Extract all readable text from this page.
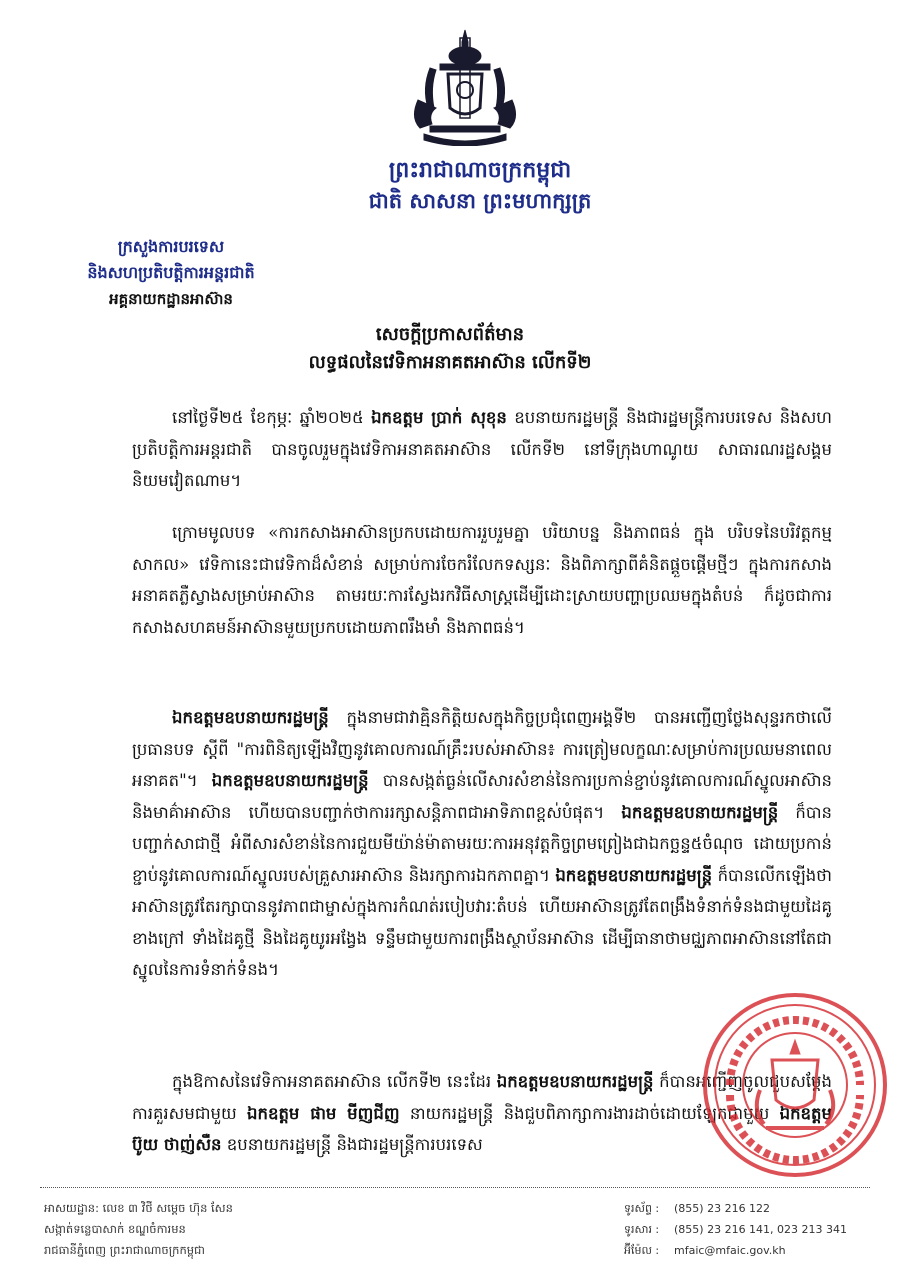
ព្រះរាជាណាចក្រកម្ពុជា
ជាតិ សាសនា ព្រះមហាក្សត្រ
ក្រសួងការបរទេស
និងសហប្រតិបត្តិការអន្តរជាតិ
អគ្គនាយកដ្ឋានអាស៊ាន
សេចក្ដីប្រកាសព័ត៌មាន
លទ្ធផលនៃវេទិកាអនាគតអាស៊ាន លើកទី២
នៅថ្ងៃទី២៥ ខែកុម្ភៈ ឆ្នាំ២០២៥ ឯកឧត្តម ប្រាក់ សុខុន ឧបនាយករដ្ឋមន្ត្រី និងជារដ្ឋមន្ត្រីការបរទេស និងសហប្រតិបត្តិការអន្តរជាតិ បានចូលរួមក្នុងវេទិកាអនាគតអាស៊ាន លើកទី២ នៅទីក្រុងហាណូយ សាធារណរដ្ឋសង្គមនិយមវៀតណាម។
ក្រោមមូលបទ «ការកសាងអាស៊ានប្រកបដោយការរួបរួមគ្នា បរិយាបន្ន និងភាពធន់ ក្នុង បរិបទនៃបរិវត្តកម្មសាកល» វេទិកានេះជាវេទិកាដ៏សំខាន់ សម្រាប់ការចែករំលែកទស្សនៈ និងពិភាក្សាពីគំនិតផ្ដួចផ្ដើមថ្មីៗ ក្នុងការកសាងអនាគតភ្លឺស្វាងសម្រាប់អាស៊ាន តាមរយៈការស្វែងរកវិធីសាស្ត្រដើម្បីដោះស្រាយបញ្ហាប្រឈមក្នុងតំបន់ ក៏ដូចជាការកសាងសហគមន៍អាស៊ានមួយប្រកបដោយភាពរឹងមាំ និងភាពធន់។
ឯកឧត្តមឧបនាយករដ្ឋមន្ត្រី ក្នុងនាមជាវាគ្មិនកិត្តិយសក្នុងកិច្ចប្រជុំពេញអង្គទី២ បានអញ្ជើញថ្លែងសុន្ទរកថាលើប្រធានបទ ស្ដីពី "ការពិនិត្យឡើងវិញនូវគោលការណ៍គ្រឹះរបស់អាស៊ាន៖ ការត្រៀមលក្ខណៈសម្រាប់ការប្រឈមនាពេលអនាគត"។ ឯកឧត្តមឧបនាយករដ្ឋមន្ត្រី បានសង្កត់ធ្ងន់លើសារសំខាន់នៃការប្រកាន់ខ្ជាប់នូវគោលការណ៍ស្នូលអាស៊ាននិងមាគ៌ាអាស៊ាន ហើយបានបញ្ជាក់ថាការរក្សាសន្តិភាពជាអាទិភាពខ្ពស់បំផុត។ ឯកឧត្តមឧបនាយករដ្ឋមន្ត្រី ក៏បានបញ្ជាក់សាជាថ្មី អំពីសារសំខាន់នៃការជួយមីយ៉ាន់ម៉ាតាមរយៈការអនុវត្តកិច្ចព្រមព្រៀងជាឯកច្ឆន្ទ៥ចំណុច ដោយប្រកាន់ខ្ជាប់នូវគោលការណ៍ស្នូលរបស់គ្រួសារអាស៊ាន និងរក្សាការឯកភាពគ្នា។ ឯកឧត្តមឧបនាយករដ្ឋមន្ត្រី ក៏បានលើកឡើងថា អាស៊ានត្រូវតែរក្សាបាននូវភាពជាម្ចាស់ក្នុងការកំណត់របៀបវារៈតំបន់ ហើយអាស៊ានត្រូវតែពង្រឹងទំនាក់ទំនងជាមួយដៃគូខាងក្រៅ ទាំងដៃគូថ្មី និងដៃគូយូរអង្វែង ទន្ទឹមជាមួយការពង្រឹងស្ថាប័នអាស៊ាន ដើម្បីធានាថាមជ្ឈភាពអាស៊ាននៅតែជាស្នូលនៃការទំនាក់ទំនង។
ក្នុងឱកាសនៃវេទិកាអនាគតអាស៊ាន លើកទី២ នេះដែរ ឯកឧត្តមឧបនាយករដ្ឋមន្ត្រី ក៏បានអញ្ជើញចូលជួបសម្ដែងការគួរសមជាមួយ ឯកឧត្តម ផាម មីញជីញ នាយករដ្ឋមន្ត្រី និងជួបពិភាក្សាការងារដាច់ដោយឡែកជាមួយ ឯកឧត្តម ប៊ូយ ថាញ់សឺន ឧបនាយករដ្ឋមន្ត្រី និងជារដ្ឋមន្ត្រីការបរទេស
អាសយដ្ឋាន: លេខ ៣ វិថី សម្ដេច ហ៊ុន សែន
សង្កាត់ទន្លេបាសាក់ ខណ្ឌចំការមន
រាជធានីភ្នំពេញ ព្រះរាជាណាចក្រកម្ពុជា
ទូរស័ព្ទ :	(855) 23 216 122
ទូរសារ :	(855) 23 216 141, 023 213 341
អ៊ីម៉ែល :	mfaic@mfaic.gov.kh
